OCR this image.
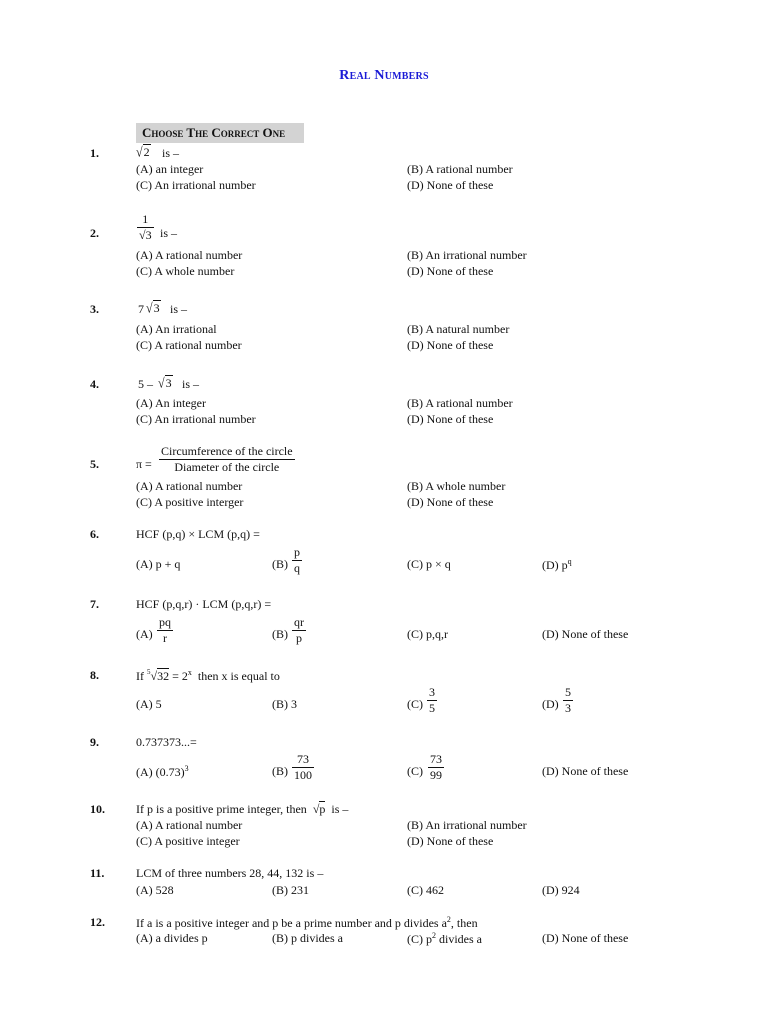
Real Numbers
Choose The Correct One
1.	√2 is –
(A) an integer	(B) A rational number
(C) An irrational number	(D) None of these
2.	$\frac{1}{√3}$ is –
(A) A rational number	(B) An irrational number
(C) A whole number	(D) None of these
3.	7 √3 is –
(A) An irrational	(B) A natural number
(C) A rational number	(D) None of these
4.	5 – √3 is –
(A) An integer	(B) A rational number
(C) An irrational number	(D) None of these
5.	π =
Circumference of the circle
Diameter of the circle
(A) A rational number	(B) A whole number
(C) A positive interger	(D) None of these
6.	HCF (p,q) × LCM (p,q) =
(A) p + q	$(B) \frac{p}{q}$	(C) p × q	(D) $p^q$
7.	HCF (p,q,r) · LCM (p,q,r) =
$(A) \frac{pq}{r}$	$(B) \frac{qr}{p}$	(C) p,q,r	(D) None of these
8.	If $^5√32 = 2^x$ then x is equal to
(A) 5	(B) 3	$(C) \frac{3}{5}$	$(D) \frac{5}{3}$
9.	0.737373...=
(A) $(0.73)^3$	$(B) \frac{73}{100}$	$(C) \frac{73}{99}$	(D) None of these
10.	If p is a positive prime integer, then  √p is –
(A) A rational number	(B) An irrational number
(C) A positive integer	(D) None of these
11.	LCM of three numbers 28, 44, 132 is –
(A) 528	(B) 231	(C) 462	(D) 924
12.	If a is a positive integer and p be a prime number and p divides $a^2$, then
(A) a divides p	(B) p divides a	(C) $p^2$ divides a	(D) None of these
